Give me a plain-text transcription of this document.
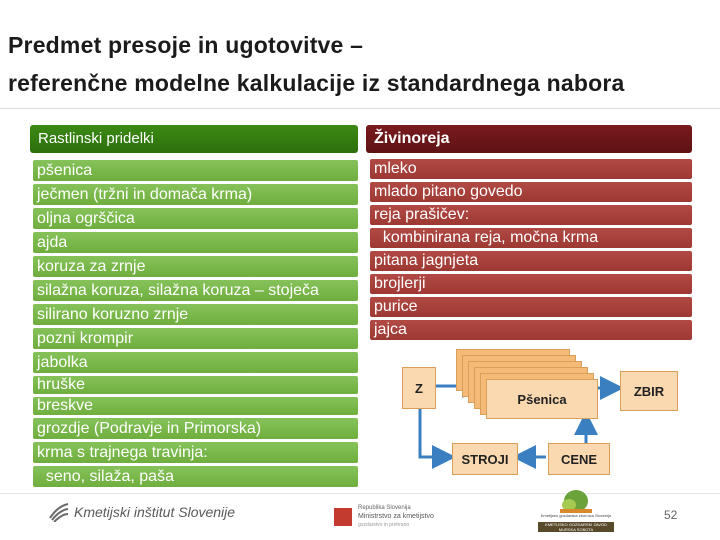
Predmet presoje in ugotovitve –
referenčne modelne kalkulacije iz standardnega nabora
Rastlinski pridelki
pšenica
ječmen (tržni in domača krma)
oljna ogrščica
ajda
koruza za zrnje
silažna koruza, silažna koruza – stoječa
silirano koruzno zrnje
pozni krompir
jabolka
hruške
breskve
grozdje (Podravje in Primorska)
krma s trajnega travinja:
seno, silaža, paša
Živinoreja
mleko
mlado pitano govedo
reja prašičev:
kombinirana reja, močna krma
pitana jagnjeta
brojlerji
purice
jajca
Pšenica
Z	ZBIR
STROJI	CENE
Kmetijski inštitut Slovenije	Republika Slovenija
Ministrstvo za kmetijstvo
gozdarstvo in prehrano
Kmetijsko gozdarska zbornica Slovenije
KMETIJSKO GOZDARSKI ZAVOD
MURSKA SOBOTA
52
